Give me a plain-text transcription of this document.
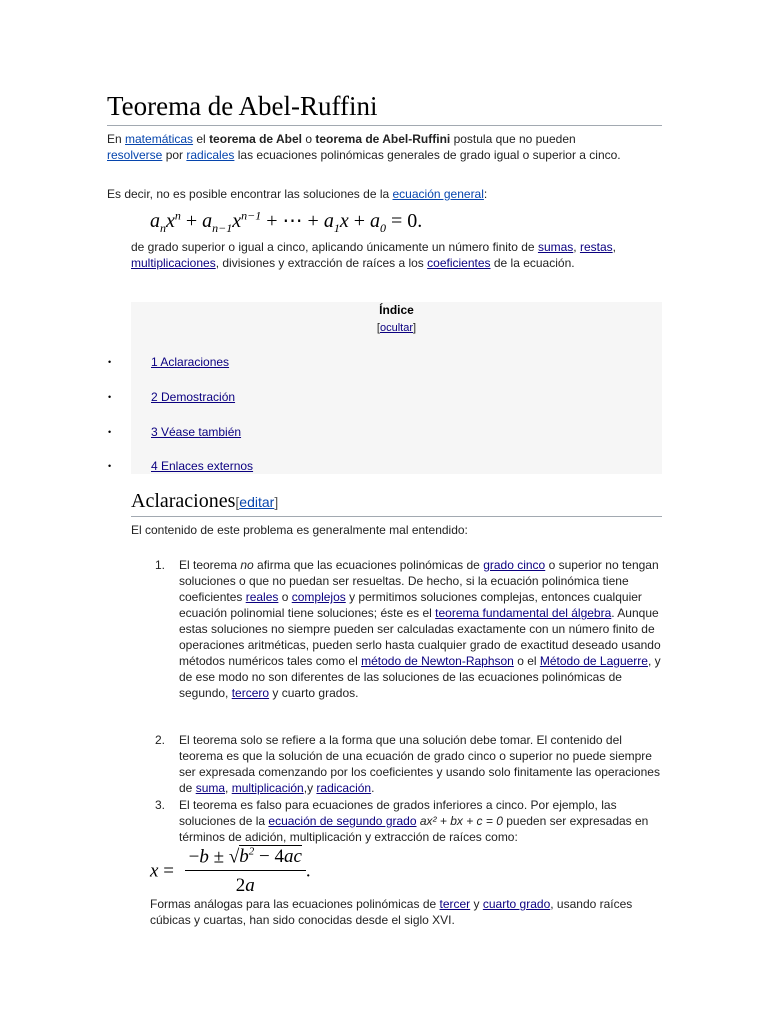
Teorema de Abel-Ruffini
En matemáticas el teorema de Abel o teorema de Abel-Ruffini postula que no pueden resolverse por radicales las ecuaciones polinómicas generales de grado igual o superior a cinco.
Es decir, no es posible encontrar las soluciones de la ecuación general:
$a_nx^n + a_{n-1}x^{n-1}$ + ⋯ + $a_1x + a_0 = 0$.
de grado superior o igual a cinco, aplicando únicamente un número finito de sumas, restas, multiplicaciones, divisiones y extracción de raíces a los coeficientes de la ecuación.
Índice
[ocultar]
•	1 Aclaraciones
•	2 Demostración
•	3 Véase también
•	4 Enlaces externos
Aclaraciones[editar]
El contenido de este problema es generalmente mal entendido:
1. El teorema no afirma que las ecuaciones polinómicas de grado cinco o superior no tengan soluciones o que no puedan ser resueltas. De hecho, si la ecuación polinómica tiene coeficientes reales o complejos y permitimos soluciones complejas, entonces cualquier ecuación polinomial tiene soluciones; éste es el teorema fundamental del álgebra. Aunque estas soluciones no siempre pueden ser calculadas exactamente con un número finito de operaciones aritméticas, pueden serlo hasta cualquier grado de exactitud deseado usando métodos numéricos tales como el método de Newton-Raphson o el Método de Laguerre, y de ese modo no son diferentes de las soluciones de las ecuaciones polinómicas de segundo, tercero y cuarto grados.
2. El teorema solo se refiere a la forma que una solución debe tomar. El contenido del teorema es que la solución de una ecuación de grado cinco o superior no puede siempre ser expresada comenzando por los coeficientes y usando solo finitamente las operaciones de suma, multiplicación,y radicación.
3. El teorema es falso para ecuaciones de grados inferiores a cinco. Por ejemplo, las soluciones de la ecuación de segundo grado ax² + bx + c = 0 pueden ser expresadas en términos de adición, multiplicación y extracción de raíces como:
$x = \frac{-b \pm √b^2 - 4ac}{2a}$ .
Formas análogas para las ecuaciones polinómicas de tercer y cuarto grado, usando raíces cúbicas y cuartas, han sido conocidas desde el siglo XVI.
